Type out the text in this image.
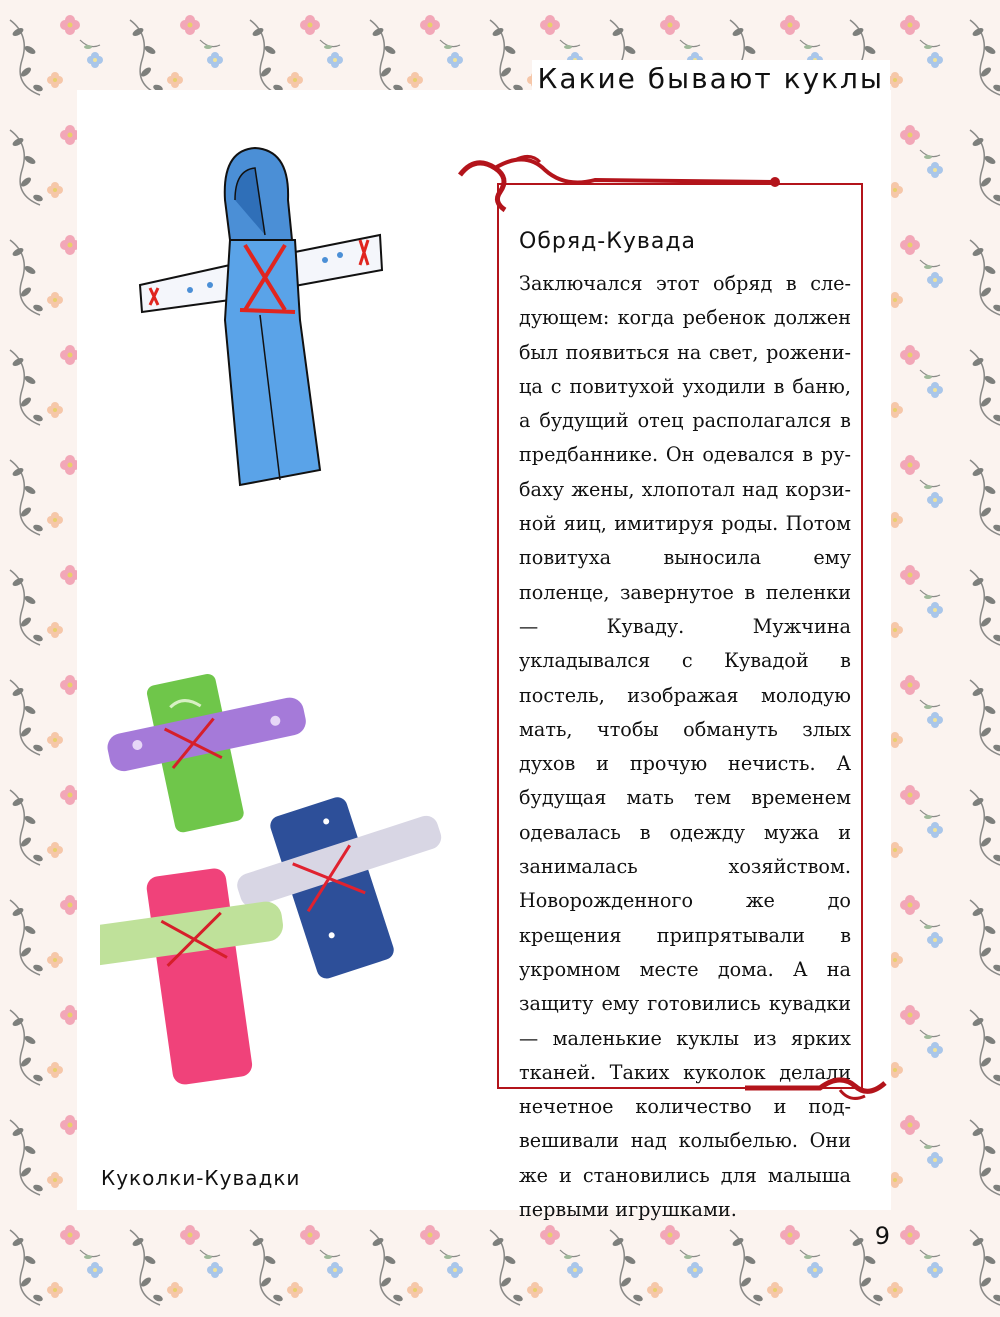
Какие бывают куклы
Обряд-Кувада
Заключался этот обряд в следующем: когда ребенок должен был появиться на свет, роженица с повитухой уходили в баню, а будущий отец располагался в предбаннике. Он одевался в рубаху жены, хлопотал над корзиной яиц, имитируя роды. Потом повитуха выносила ему поленце, завернутое в пеленки — Куваду. Мужчина укладывался с Кувадой в постель, изображая молодую мать, чтобы обмануть злых духов и прочую нечисть. А будущая мать тем временем одевалась в одежду мужа и занималась хозяйством. Новорожденного же до крещения припрятывали в укромном месте дома. А на защиту ему готовились кувадки — маленькие куклы из ярких тканей. Таких куколок делали нечетное количество и подвешивали над колыбелью. Они же и становились для малыша первыми игрушками.
Куколки-Кувадки
9
